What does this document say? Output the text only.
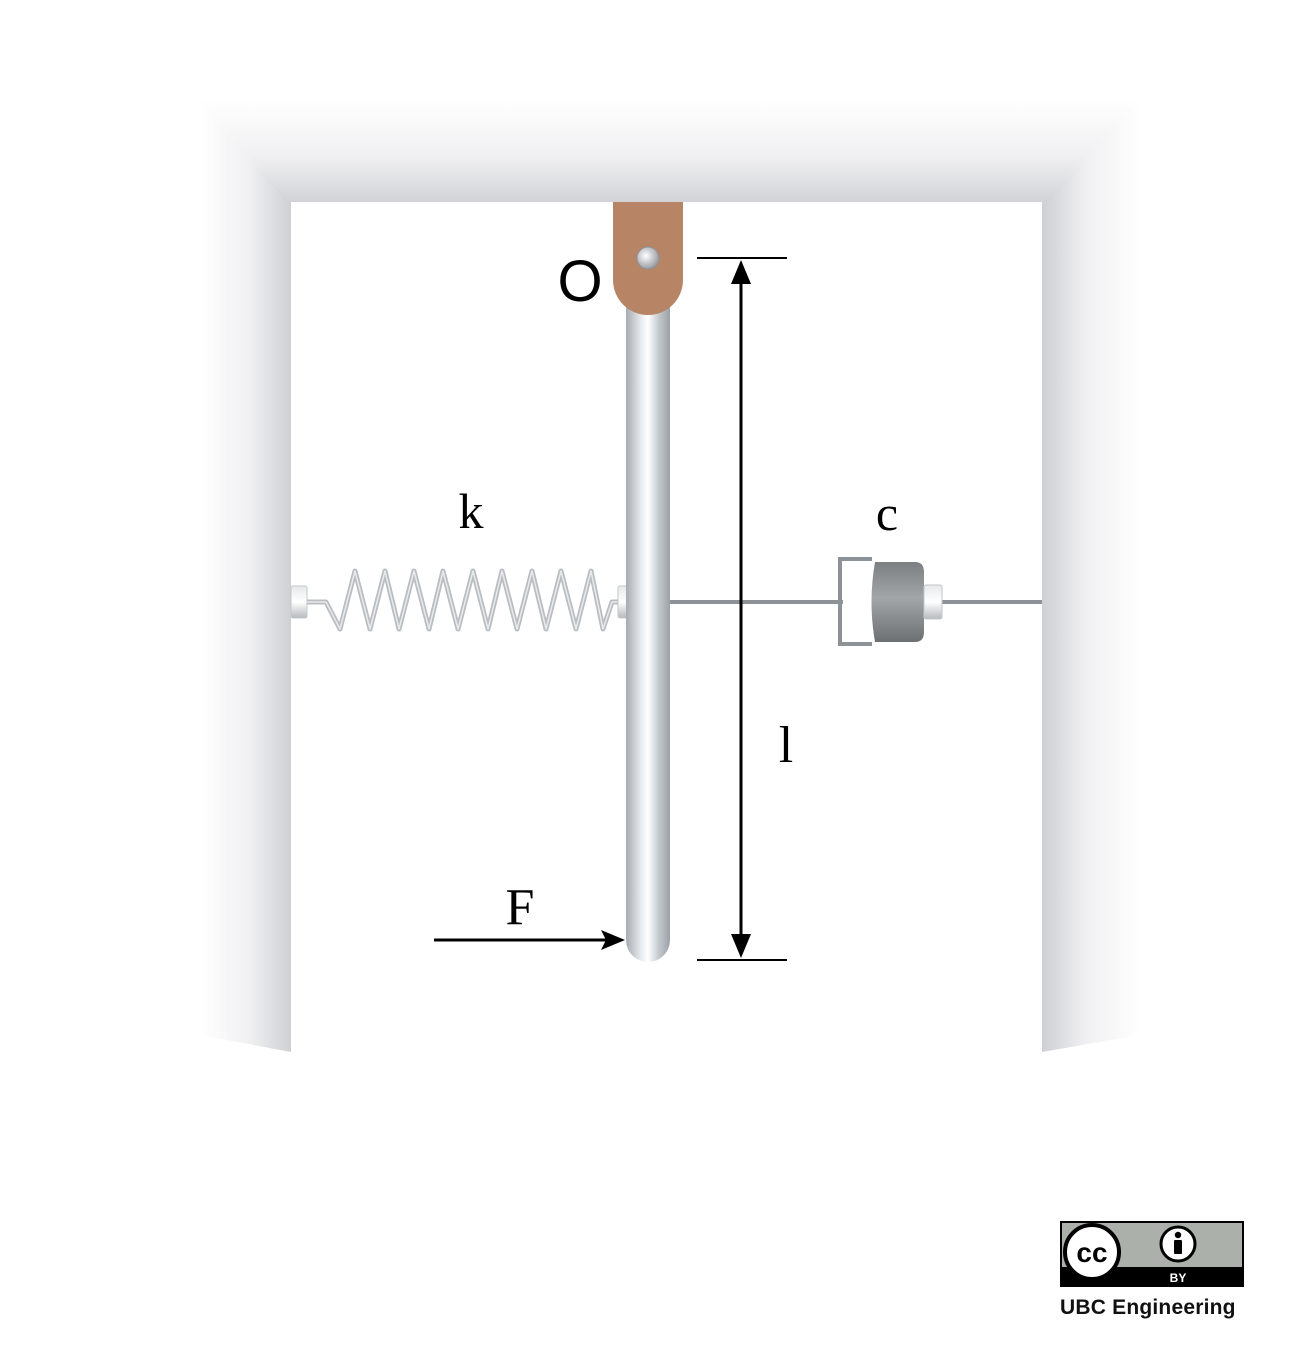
O
k	c
l
F
cc
BY
UBC Engineering
